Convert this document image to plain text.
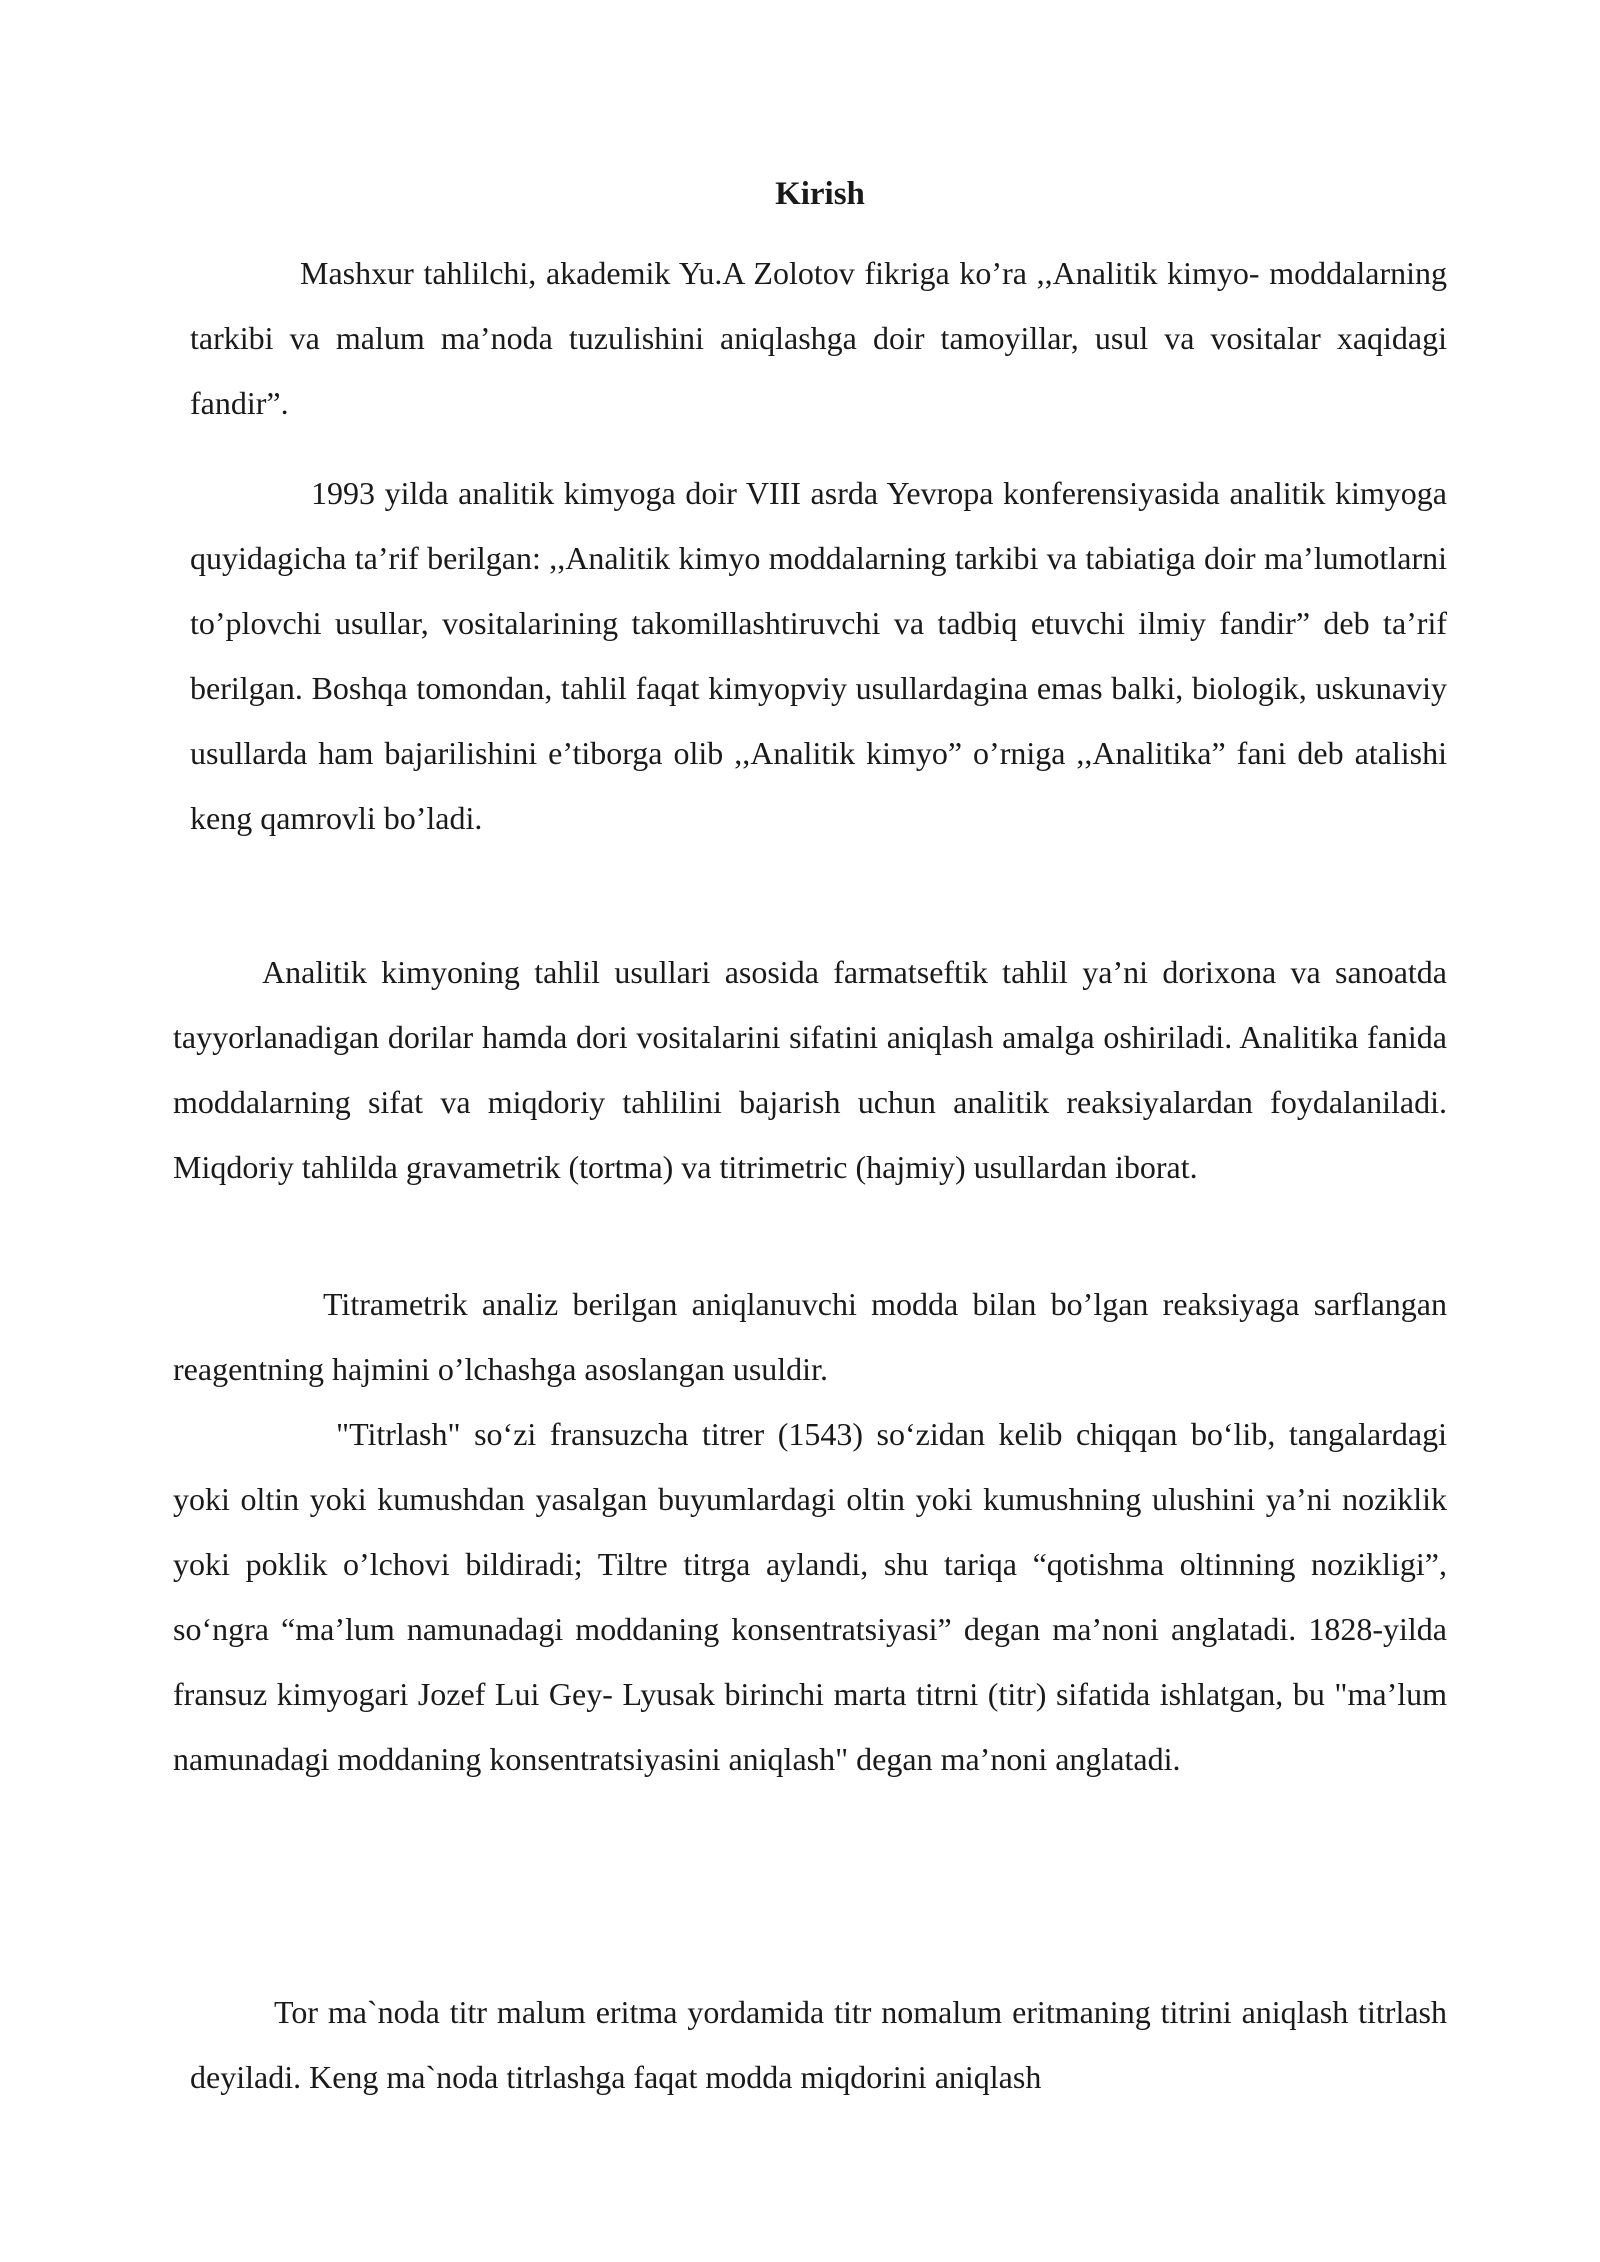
Kirish

Mashxur tahlilchi, akademik Yu.A Zolotov fikriga ko’ra ,,Analitik kimyo- moddalarning tarkibi va malum ma’noda tuzulishini aniqlashga doir tamoyillar, usul va vositalar xaqidagi fandir”.

1993 yilda analitik kimyoga doir VIII asrda Yevropa konferensiyasida analitik kimyoga quyidagicha ta’rif berilgan: ,,Analitik kimyo moddalarning tarkibi va tabiatiga doir ma’lumotlarni to’plovchi usullar, vositalarining takomillashtiruvchi va tadbiq etuvchi ilmiy fandir” deb ta’rif berilgan. Boshqa tomondan, tahlil faqat kimyopviy usullardagina emas balki, biologik, uskunaviy usullarda ham bajarilishini e’tiborga olib ,,Analitik kimyo” o’rniga ,,Analitika” fani deb atalishi keng qamrovli bo’ladi.

Analitik kimyoning tahlil usullari asosida farmatseftik tahlil ya’ni dorixona va sanoatda tayyorlanadigan dorilar hamda dori vositalarini sifatini aniqlash amalga oshiriladi. Analitika fanida moddalarning sifat va miqdoriy tahlilini bajarish uchun analitik reaksiyalardan foydalaniladi. Miqdoriy tahlilda gravametrik (tortma) va titrimetric (hajmiy) usullardan iborat.

Titrametrik analiz berilgan aniqlanuvchi modda bilan bo’lgan reaksiyaga sarflangan reagentning hajmini o’lchashga asoslangan usuldir.

"Titrlash" so‘zi fransuzcha titrer (1543) so‘zidan kelib chiqqan bo‘lib, tangalardagi yoki oltin yoki kumushdan yasalgan buyumlardagi oltin yoki kumushning ulushini ya’ni noziklik yoki poklik o’lchovi bildiradi; Tiltre titrga aylandi, shu tariqa “qotishma oltinning nozikligi”, so‘ngra “ma’lum namunadagi moddaning konsentratsiyasi” degan ma’noni anglatadi. 1828-yilda fransuz kimyogari Jozef Lui Gey- Lyusak birinchi marta titrni (titr) sifatida ishlatgan, bu "ma’lum namunadagi moddaning konsentratsiyasini aniqlash" degan ma’noni anglatadi.

Tor ma`noda titr malum eritma yordamida titr nomalum eritmaning titrini aniqlash titrlash deyiladi. Keng ma`noda titrlashga faqat modda miqdorini aniqlash
